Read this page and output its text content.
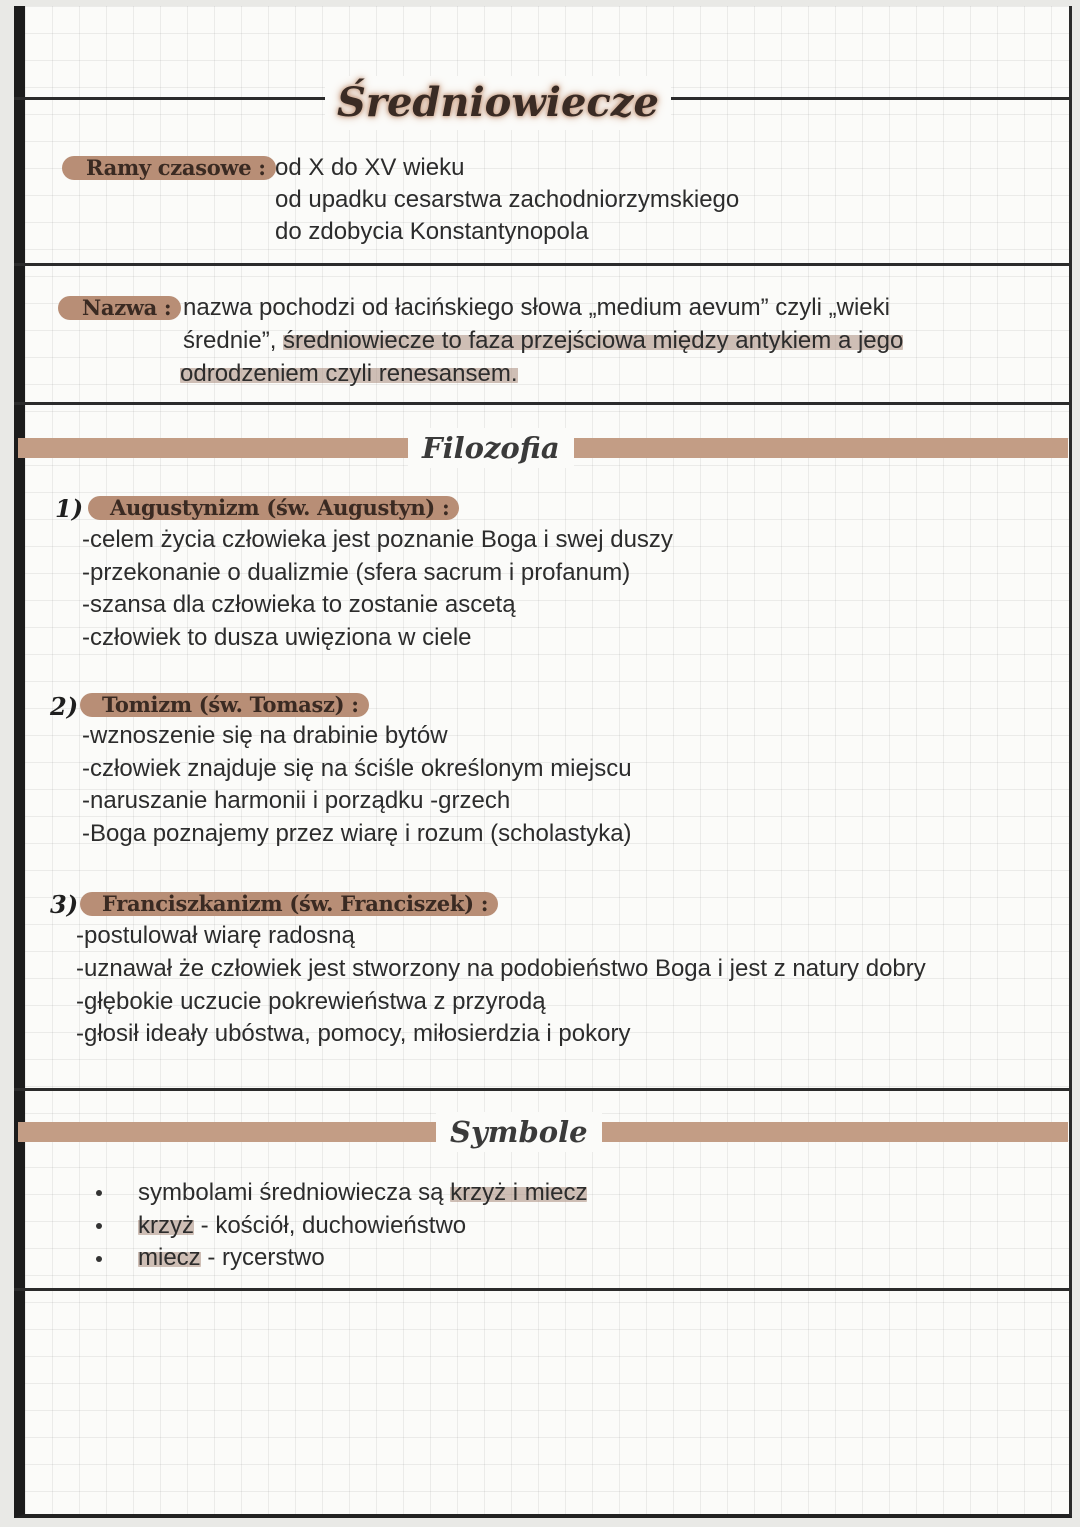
Średniowiecze
Ramy czasowe : od X do XV wieku
od upadku cesarstwa zachodniorzymskiego
do zdobycia Konstantynopola
Nazwa : nazwa pochodzi od łacińskiego słowa „medium aevum” czyli „wieki
średnie”, średniowiecze to faza przejściowa między antykiem a jego
odrodzeniem czyli renesansem.
Filozofia
1)	Augustynizm (św. Augustyn) :
-celem życia człowieka jest poznanie Boga i swej duszy
-przekonanie o dualizmie (sfera sacrum i profanum)
-szansa dla człowieka to zostanie ascetą
-człowiek to dusza uwięziona w ciele
2)	Tomizm (św. Tomasz) :
-wznoszenie się na drabinie bytów
-człowiek znajduje się na ściśle określonym miejscu
-naruszanie harmonii i porządku -grzech
-Boga poznajemy przez wiarę i rozum (scholastyka)
3)	Franciszkanizm (św. Franciszek) :
-postulował wiarę radosną
-uznawał że człowiek jest stworzony na podobieństwo Boga i jest z natury dobry
-głębokie uczucie pokrewieństwa z przyrodą
-głosił ideały ubóstwa, pomocy, miłosierdzia i pokory
Symbole
symbolami średniowiecza są krzyż i miecz
krzyż - kościół, duchowieństwo
miecz - rycerstwo
